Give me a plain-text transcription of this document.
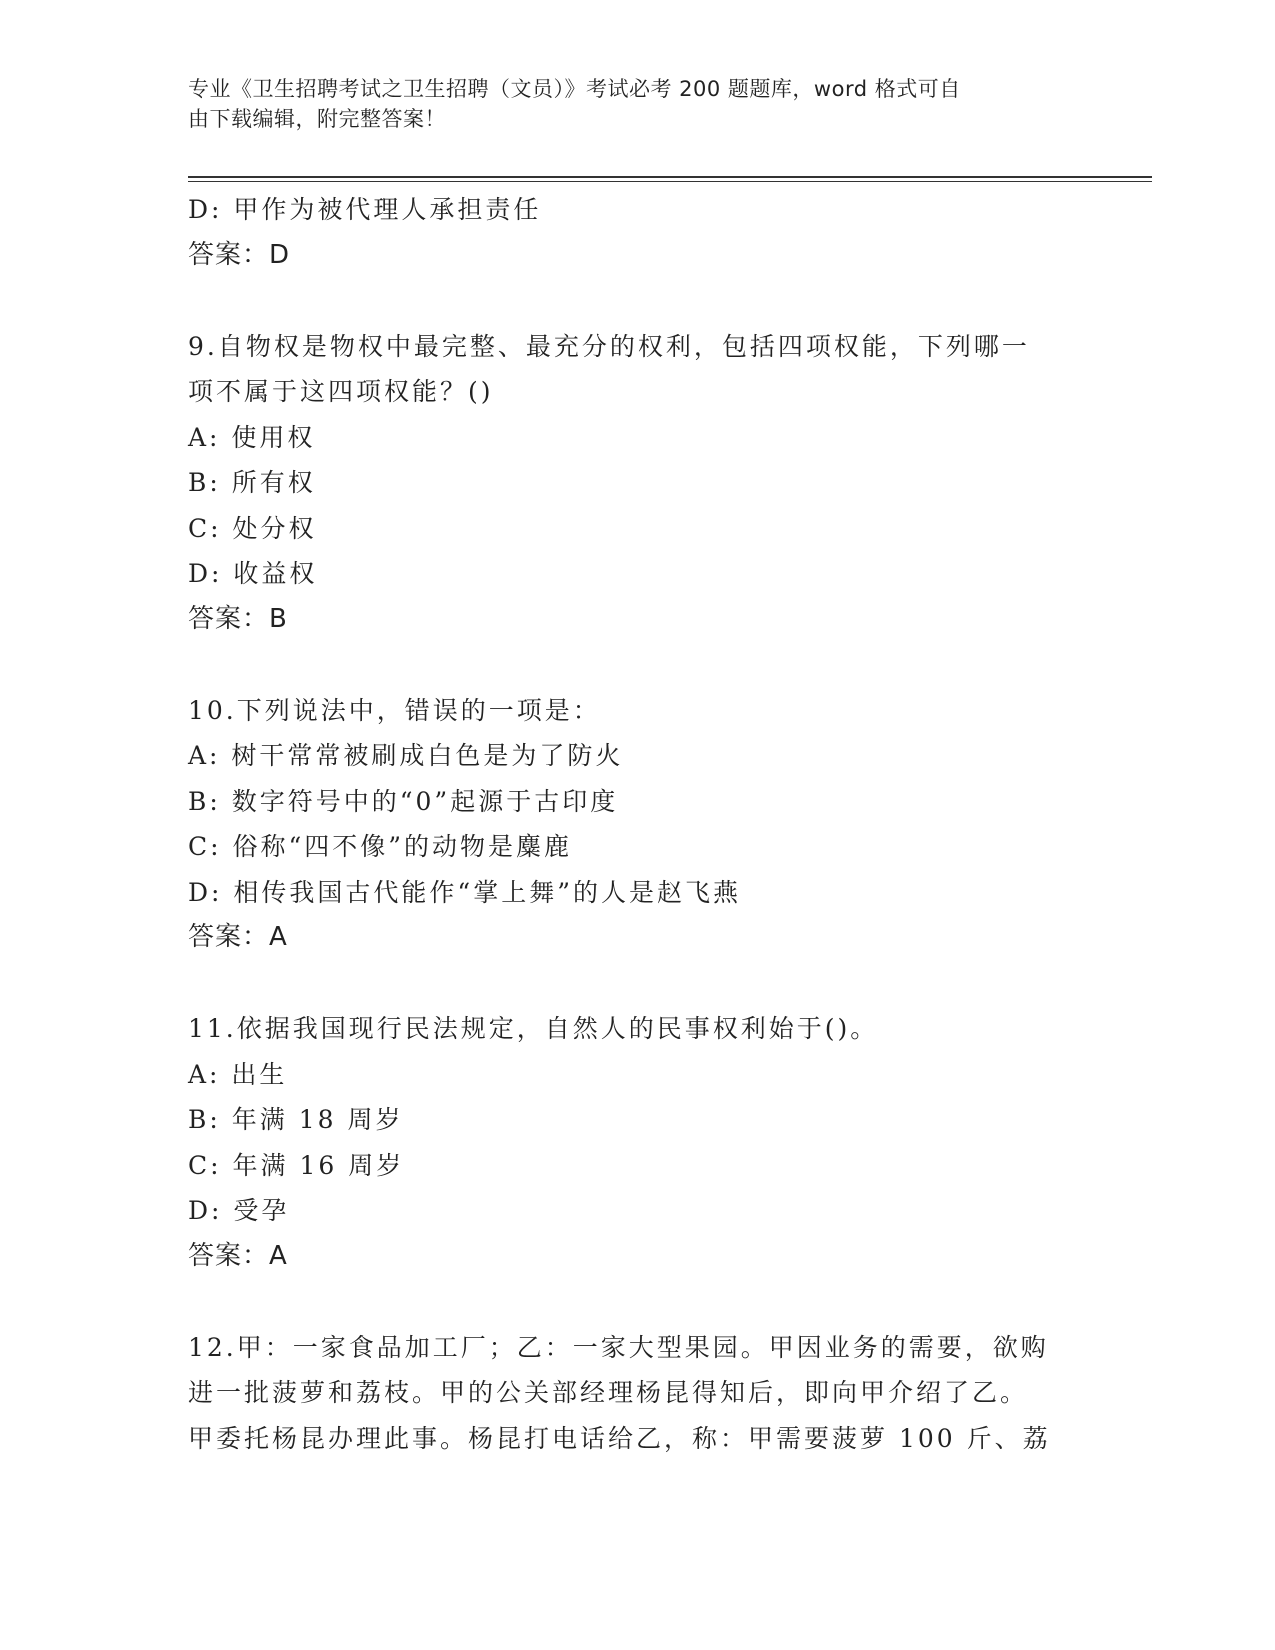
专业《卫生招聘考试之卫生招聘（文员）》考试必考 200 题题库，word 格式可自
由下载编辑，附完整答案！
D: 甲作为被代理人承担责任
答案：D
9.自物权是物权中最完整、最充分的权利，包括四项权能，下列哪一
项不属于这四项权能？()
A: 使用权
B: 所有权
C: 处分权
D: 收益权
答案：B
10.下列说法中，错误的一项是：
A: 树干常常被刷成白色是为了防火
B: 数字符号中的“0”起源于古印度
C: 俗称“四不像”的动物是麋鹿
D: 相传我国古代能作“掌上舞”的人是赵飞燕
答案：A
11.依据我国现行民法规定，自然人的民事权利始于()。
A: 出生
B: 年满 18 周岁
C: 年满 16 周岁
D: 受孕
答案：A
12.甲：一家食品加工厂；乙：一家大型果园。甲因业务的需要，欲购
进一批菠萝和荔枝。甲的公关部经理杨昆得知后，即向甲介绍了乙。
甲委托杨昆办理此事。杨昆打电话给乙，称：甲需要菠萝 100 斤、荔
